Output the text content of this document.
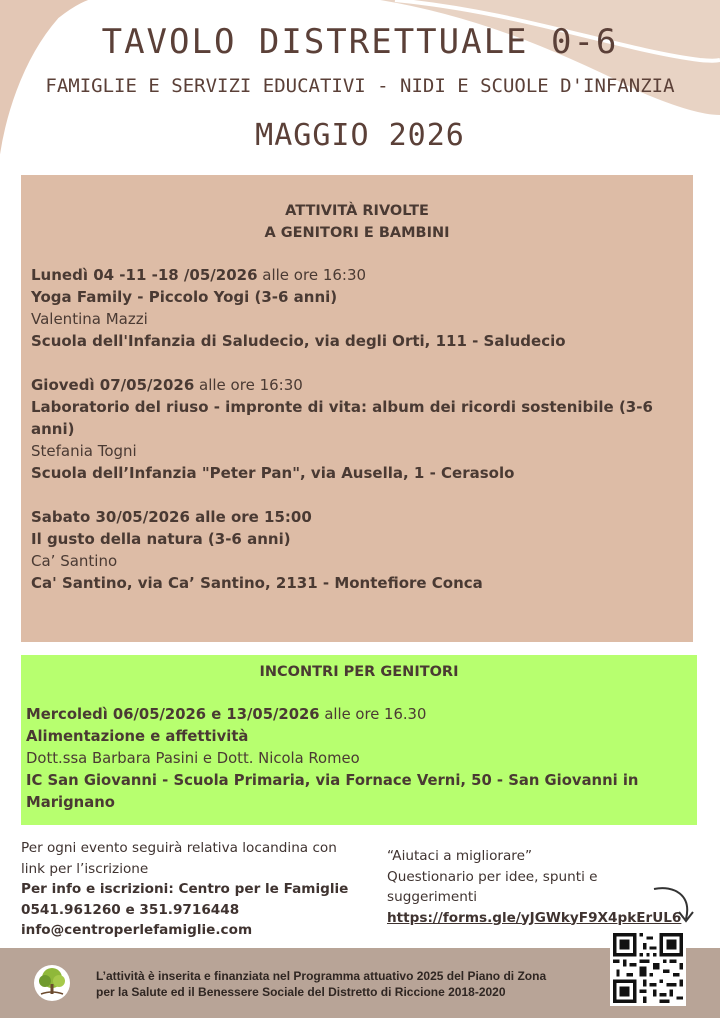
TAVOLO DISTRETTUALE 0-6
FAMIGLIE E SERVIZI EDUCATIVI - NIDI E SCUOLE D'INFANZIA
MAGGIO 2026
ATTIVITÀ RIVOLTE
A GENITORI E BAMBINI
Lunedì 04 -11 -18 /05/2026 alle ore 16:30
Yoga Family - Piccolo Yogi (3-6 anni)
Valentina Mazzi
Scuola dell'Infanzia di Saludecio, via degli Orti, 111 - Saludecio
Giovedì 07/05/2026 alle ore 16:30
Laboratorio del riuso - impronte di vita: album dei ricordi sostenibile (3-6 anni)
Stefania Togni
Scuola dell’Infanzia "Peter Pan", via Ausella, 1 - Cerasolo
Sabato 30/05/2026 alle ore 15:00
Il gusto della natura (3-6 anni)
Ca’ Santino
Ca' Santino, via Ca’ Santino, 2131 - Montefiore Conca
INCONTRI PER GENITORI
Mercoledì 06/05/2026 e 13/05/2026 alle ore 16.30
Alimentazione e affettività
Dott.ssa Barbara Pasini e Dott. Nicola Romeo
IC San Giovanni - Scuola Primaria, via Fornace Verni, 50 - San Giovanni in Marignano
Per ogni evento seguirà relativa locandina con
link per l’iscrizione
Per info e iscrizioni: Centro per le Famiglie
0541.961260 e 351.9716448
info@centroperlefamiglie.com
“Aiutaci a migliorare”
Questionario per idee, spunti e
suggerimenti
https://forms.gle/yJGWkyF9X4pkErUL6
L’attività è inserita e finanziata nel Programma attuativo 2025 del Piano di Zona
per la Salute ed il Benessere Sociale del Distretto di Riccione 2018-2020
